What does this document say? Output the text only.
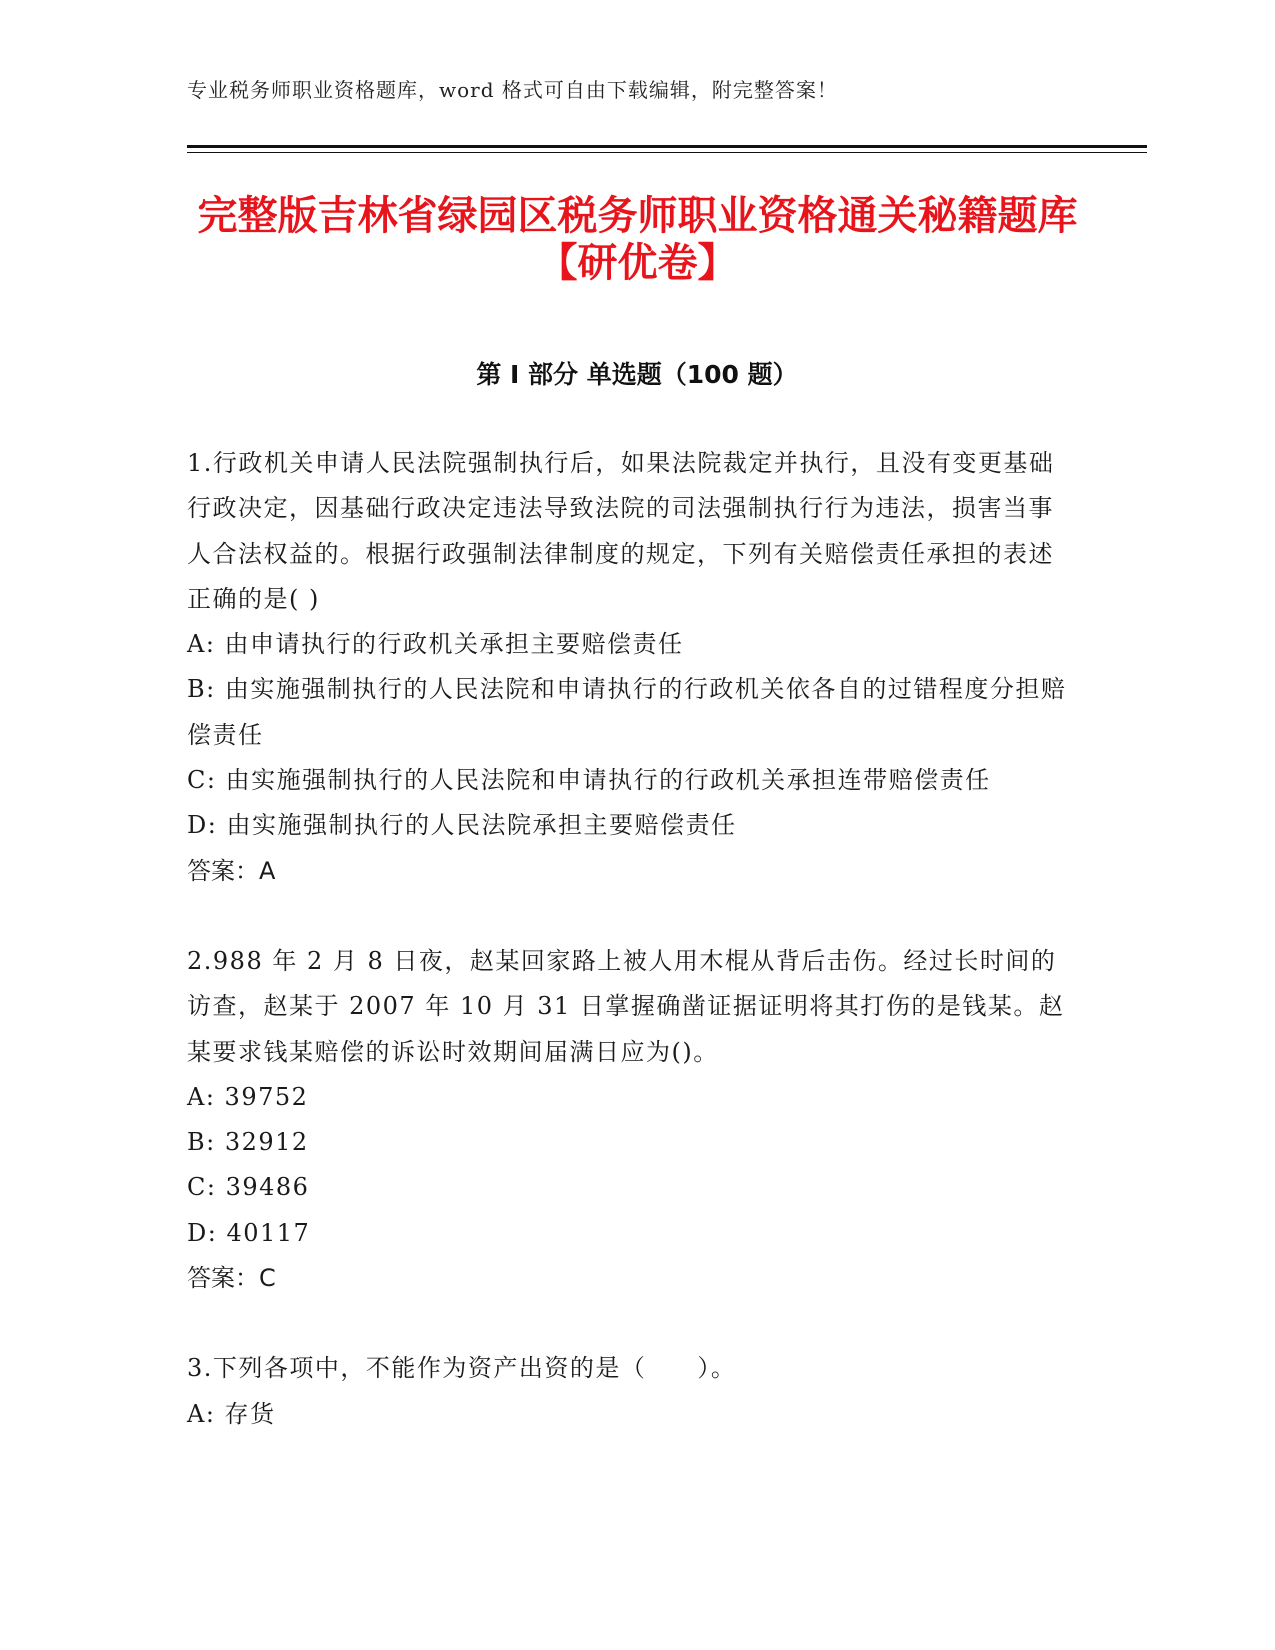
专业税务师职业资格题库，word 格式可自由下载编辑，附完整答案！
完整版吉林省绿园区税务师职业资格通关秘籍题库【研优卷】
第 I 部分 单选题（100 题）

1.行政机关申请人民法院强制执行后，如果法院裁定并执行，且没有变更基础行政决定，因基础行政决定违法导致法院的司法强制执行行为违法，损害当事人合法权益的。根据行政强制法律制度的规定，下列有关赔偿责任承担的表述正确的是( )

A: 由申请执行的行政机关承担主要赔偿责任

B: 由实施强制执行的人民法院和申请执行的行政机关依各自的过错程度分担赔偿责任

C: 由实施强制执行的人民法院和申请执行的行政机关承担连带赔偿责任

D: 由实施强制执行的人民法院承担主要赔偿责任

答案：A

2.988 年 2 月 8 日夜，赵某回家路上被人用木棍从背后击伤。经过长时间的访查，赵某于 2007 年 10 月 31 日掌握确凿证据证明将其打伤的是钱某。赵某要求钱某赔偿的诉讼时效期间届满日应为()。

A: 39752

B: 32912

C: 39486

D: 40117

答案：C

3.下列各项中，不能作为资产出资的是（　　）。

A: 存货
